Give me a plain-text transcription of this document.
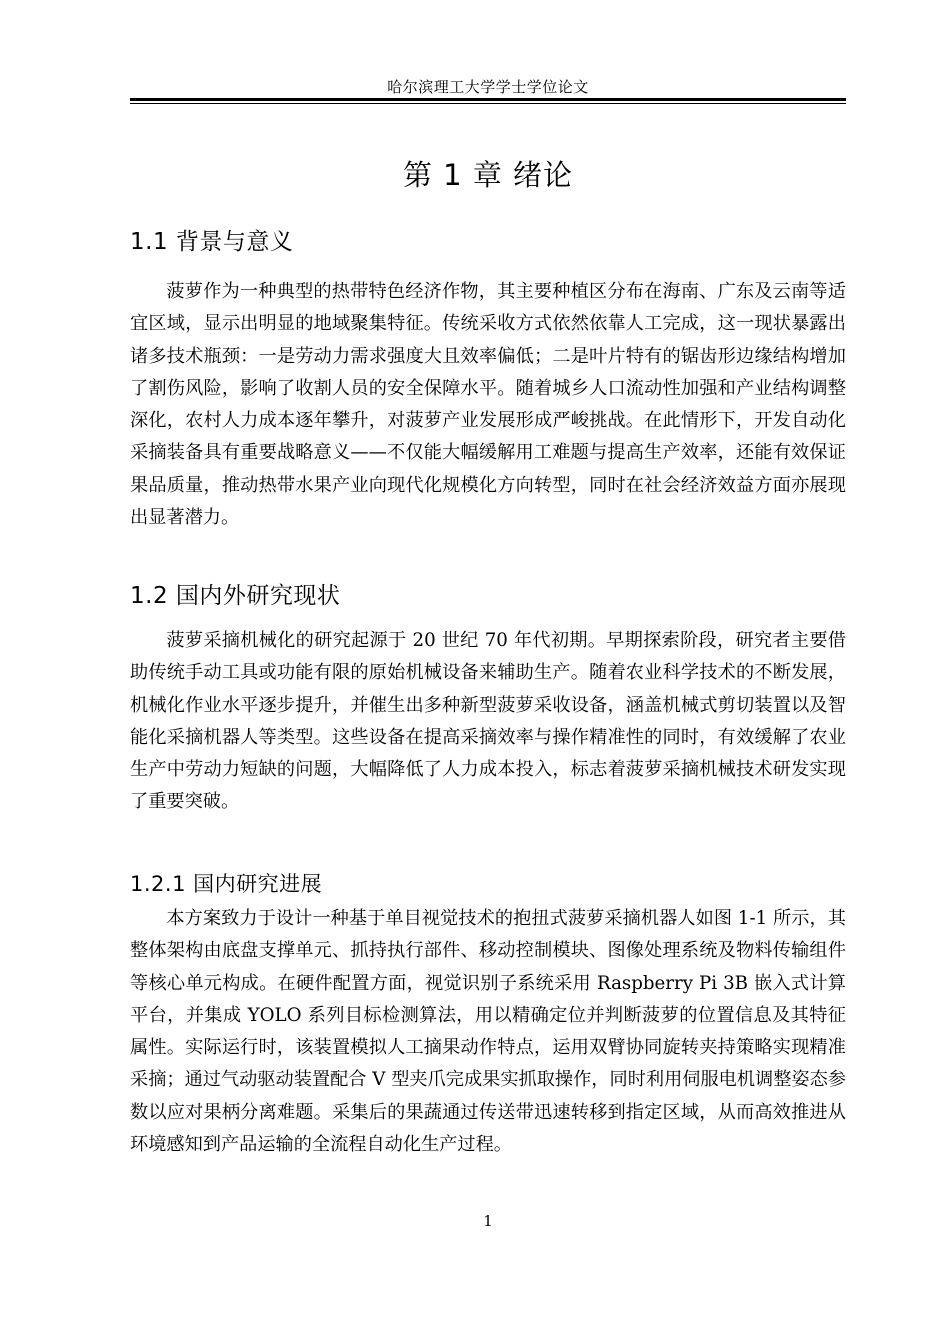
哈尔滨理工大学学士学位论文
第 1 章 绪论
1.1 背景与意义

菠萝作为一种典型的热带特色经济作物，其主要种植区分布在海南、广东及云南等适宜区域，显示出明显的地域聚集特征。传统采收方式依然依靠人工完成，这一现状暴露出诸多技术瓶颈：一是劳动力需求强度大且效率偏低；二是叶片特有的锯齿形边缘结构增加了割伤风险，影响了收割人员的安全保障水平。随着城乡人口流动性加强和产业结构调整深化，农村人力成本逐年攀升，对菠萝产业发展形成严峻挑战。在此情形下，开发自动化采摘装备具有重要战略意义——不仅能大幅缓解用工难题与提高生产效率，还能有效保证果品质量，推动热带水果产业向现代化规模化方向转型，同时在社会经济效益方面亦展现出显著潜力。

1.2 国内外研究现状

菠萝采摘机械化的研究起源于 20 世纪 70 年代初期。早期探索阶段，研究者主要借助传统手动工具或功能有限的原始机械设备来辅助生产。随着农业科学技术的不断发展，机械化作业水平逐步提升，并催生出多种新型菠萝采收设备，涵盖机械式剪切装置以及智能化采摘机器人等类型。这些设备在提高采摘效率与操作精准性的同时，有效缓解了农业生产中劳动力短缺的问题，大幅降低了人力成本投入，标志着菠萝采摘机械技术研发实现了重要突破。

1.2.1 国内研究进展

本方案致力于设计一种基于单目视觉技术的抱扭式菠萝采摘机器人如图 1-1 所示，其整体架构由底盘支撑单元、抓持执行部件、移动控制模块、图像处理系统及物料传输组件等核心单元构成。在硬件配置方面，视觉识别子系统采用 Raspberry Pi 3B 嵌入式计算平台，并集成 YOLO 系列目标检测算法，用以精确定位并判断菠萝的位置信息及其特征属性。实际运行时，该装置模拟人工摘果动作特点，运用双臂协同旋转夹持策略实现精准采摘；通过气动驱动装置配合 V 型夹爪完成果实抓取操作，同时利用伺服电机调整姿态参数以应对果柄分离难题。采集后的果蔬通过传送带迅速转移到指定区域，从而高效推进从环境感知到产品运输的全流程自动化生产过程。

1
